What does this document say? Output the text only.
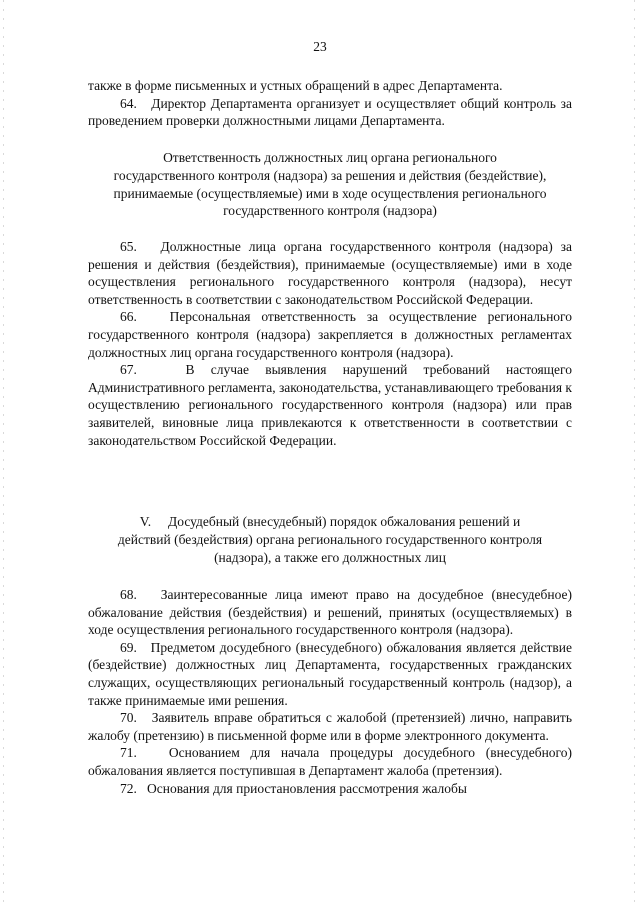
23

также в форме письменных и устных обращений в адрес Департамента.

64.   Директор Департамента организует и осуществляет общий контроль за проведением проверки должностными лицами Департамента.

Ответственность должностных лиц органа регионального
государственного контроля (надзора) за решения и действия (бездействие),
принимаемые (осуществляемые) ими в ходе осуществления регионального
государственного контроля (надзора)

65.   Должностные лица органа государственного контроля (надзора) за решения и действия (бездействия), принимаемые (осуществляемые) ими в ходе осуществления регионального государственного контроля (надзора), несут ответственность в соответствии с законодательством Российской Федерации.

66.   Персональная ответственность за осуществление регионального государственного контроля (надзора) закрепляется в должностных регламентах должностных лиц органа государственного контроля (надзора).

67.   В случае выявления нарушений требований настоящего Административного регламента, законодательства, устанавливающего требования к осуществлению регионального государственного контроля (надзора) или прав заявителей, виновные лица привлекаются к ответственности в соответствии с законодательством Российской Федерации.

V.     Досудебный (внесудебный) порядок обжалования решений и
действий (бездействия) органа регионального государственного контроля
(надзора), а также его должностных лиц

68.   Заинтересованные лица имеют право на досудебное (внесудебное) обжалование действия (бездействия) и решений, принятых (осуществляемых) в ходе осуществления регионального государственного контроля (надзора).

69.   Предметом досудебного (внесудебного) обжалования является действие (бездействие) должностных лиц Департамента, государственных гражданских служащих, осуществляющих региональный государственный контроль (надзор), а также принимаемые ими решения.

70.   Заявитель вправе обратиться с жалобой (претензией) лично, направить жалобу (претензию) в письменной форме или в форме электронного документа.

71.   Основанием для начала процедуры досудебного (внесудебного) обжалования является поступившая в Департамент жалоба (претензия).

72.   Основания для приостановления рассмотрения жалобы
